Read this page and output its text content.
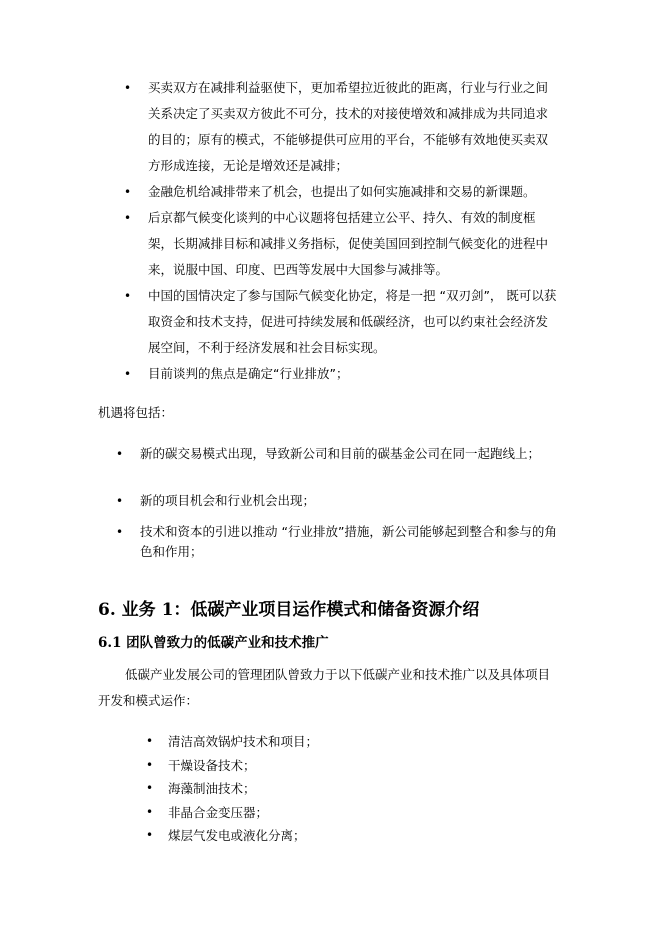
• 买卖双方在减排利益驱使下，更加希望拉近彼此的距离，行业与行业之间关系决定了买卖双方彼此不可分，技术的对接使增效和减排成为共同追求的目的；原有的模式，不能够提供可应用的平台，不能够有效地使买卖双方形成连接，无论是增效还是减排；
• 金融危机给减排带来了机会，也提出了如何实施减排和交易的新课题。
• 后京都气候变化谈判的中心议题将包括建立公平、持久、有效的制度框架，长期减排目标和减排义务指标，促使美国回到控制气候变化的进程中来，说服中国、印度、巴西等发展中大国参与减排等。
• 中国的国情决定了参与国际气候变化协定，将是一把 “双刃剑”， 既可以获取资金和技术支持，促进可持续发展和低碳经济，也可以约束社会经济发展空间，不利于经济发展和社会目标实现。
• 目前谈判的焦点是确定“行业排放”；

机遇将包括：

• 新的碳交易模式出现，导致新公司和目前的碳基金公司在同一起跑线上；
• 新的项目机会和行业机会出现；
• 技术和资本的引进以推动 “行业排放”措施，新公司能够起到整合和参与的角色和作用；
6. 业务 1：低碳产业项目运作模式和储备资源介绍
6.1 团队曾致力的低碳产业和技术推广

低碳产业发展公司的管理团队曾致力于以下低碳产业和技术推广以及具体项目开发和模式运作：

• 清洁高效锅炉技术和项目；
• 干燥设备技术；
• 海藻制油技术；
• 非晶合金变压器；
• 煤层气发电或液化分离；
